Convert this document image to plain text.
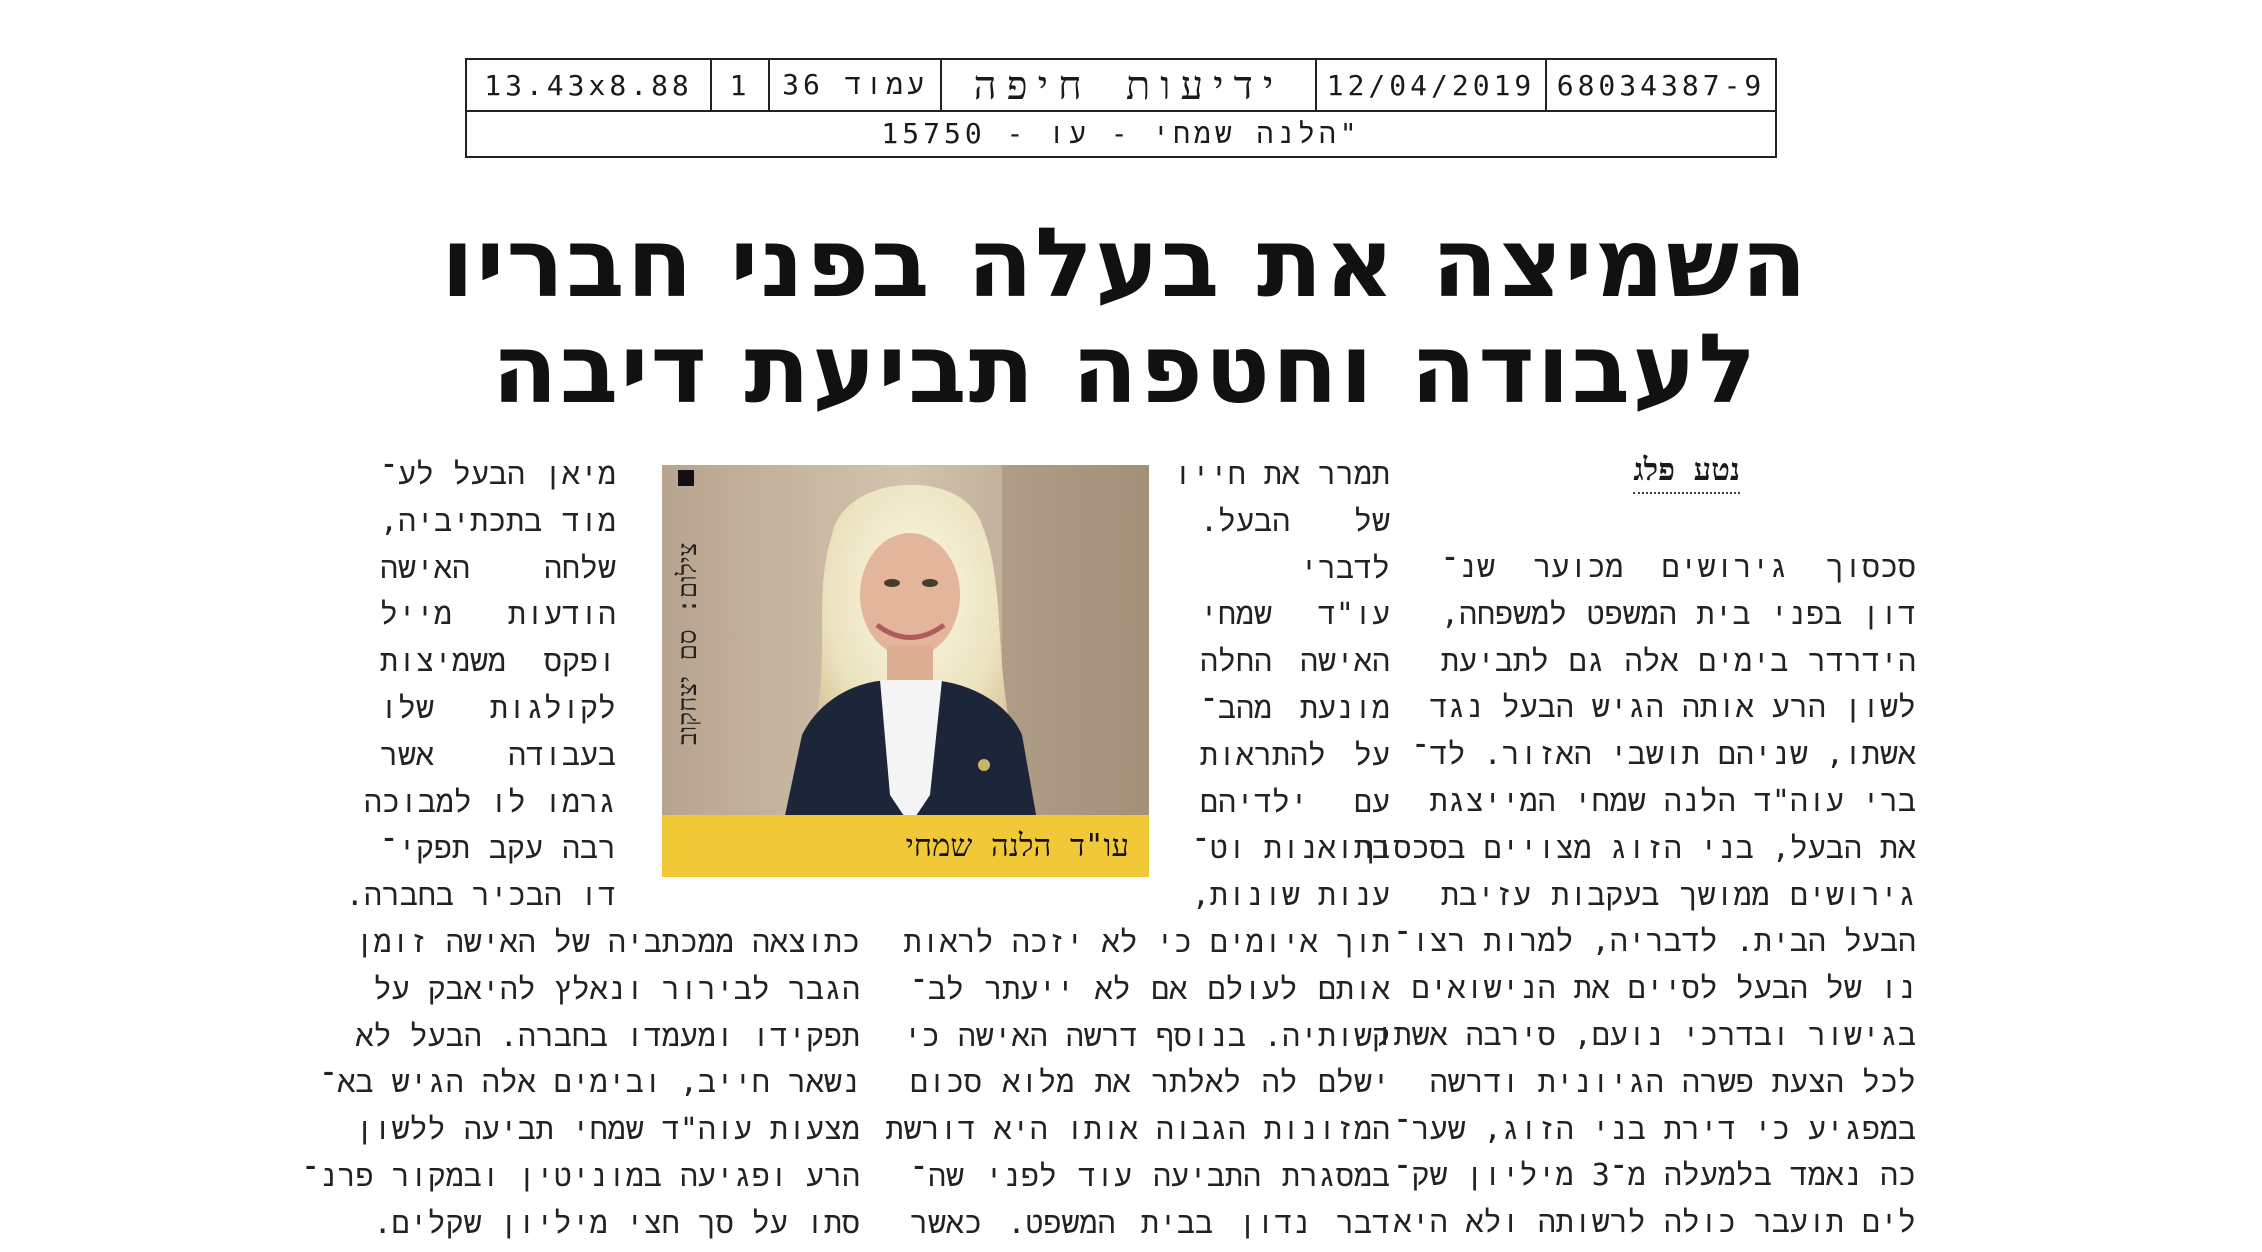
68034387-9
12/04/2019
ידיעות חיפה
עמוד 36
1
13.43x8.88
"הלנה שמחי - עו - 15750
השמיצה את בעלה בפני חבריו
לעבודה וחטפה תביעת דיבה
נטע פלג
סכסוך גירושים מכוער שנ־
דון בפני בית המשפט למשפחה,
הידרדר בימים אלה גם לתביעת
לשון הרע אותה הגיש הבעל נגד
אשתו, שניהם תושבי האזור. לד־
ברי עוה"ד הלנה שמחי המייצגת
את הבעל, בני הזוג מצויים בסכסוך
גירושים ממושך בעקבות עזיבת
הבעל הבית. לדבריה, למרות רצו־
נו של הבעל לסיים את הנישואים
בגישור ובדרכי נועם, סירבה אשתו
לכל הצעת פשרה הגיונית ודרשה
במפגיע כי דירת בני הזוג, שער־
כה נאמד בלמעלה מ־3 מיליון שק־
לים תועבר כולה לרשותה ולא היא
תמרר את חייו
של הבעל.
לדברי
עו"ד שמחי
האישה החלה
מונעת מהב־
על להתראות
עם ילדיהם
בתואנות וט־
ענות שונות,
תוך איומים כי לא יזכה לראות
אותם לעולם אם לא ייעתר לב־
קשותיה. בנוסף דרשה האישה כי
ישלם לה לאלתר את מלוא סכום
המזונות הגבוה אותו היא דורשת
במסגרת התביעה עוד לפני שה־
דבר נדון בבית המשפט. כאשר
מיאן הבעל לע־
מוד בתכתיביה,
שלחה האישה
הודעות מייל
ופקס משמיצות
לקולגות שלו
בעבודה אשר
גרמו לו למבוכה
רבה עקב תפקי־
דו הבכיר בחברה.
כתוצאה ממכתביה של האישה זומן
הגבר לבירור ונאלץ להיאבק על
תפקידו ומעמדו בחברה. הבעל לא
נשאר חייב, ובימים אלה הגיש בא־
מצעות עוה"ד שמחי תביעה ללשון
הרע ופגיעה במוניטין ובמקור פרנ־
סתו על סך חצי מיליון שקלים.
עו"ד הלנה שמחי
צילום: סם יצחקוב
